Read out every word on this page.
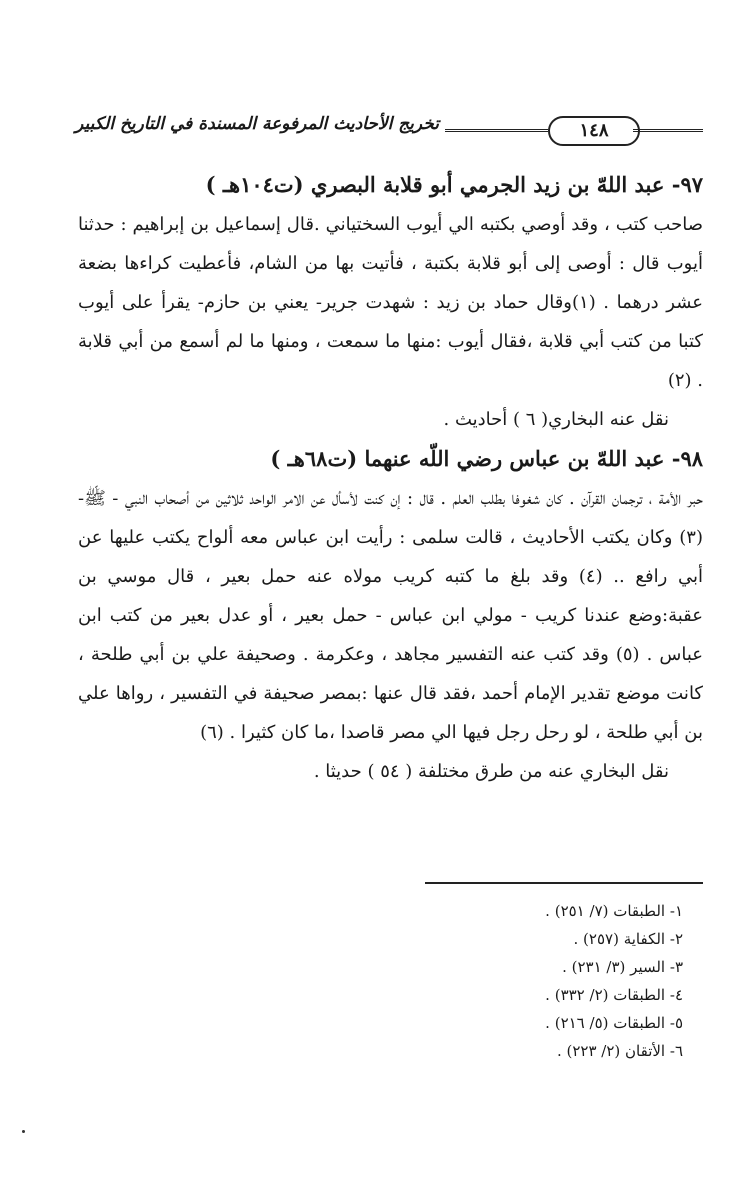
١٤٨
تخريج الأحاديث المرفوعة المسندة في التاريخ الكبير

٩٧- عبد اللهّ بن زيد الجرمي أبو قلابة البصري (ت١٠٤هـ )

صاحب كتب ، وقد أوصي بكتبه الي أيوب السختياني .قال إسماعيل بن إبراهيم : حدثنا أيوب قال : أوصى إلى أبو قلابة بكتبة ، فأتيت بها من الشام، فأعطيت كراءها بضعة عشر درهما . (١)وقال حماد بن زيد : شهدت جرير- يعني بن حازم- يقرأ على أيوب كتبا من كتب أبي قلابة ،فقال أيوب :منها ما سمعت ، ومنها ما لم أسمع من أبي قلابة . (٢)

نقل عنه البخاري( ٦ ) أحاديث .

٩٨- عبد اللهّ بن عباس رضي اللّه عنهما (ت٦٨هـ )

حبر الأمة ، ترجمان القرآن . كان شغوفا بطلب العلم . قال : إن كنت لأسأل عن الامر الواحد ثلاثين من أصحاب النبي - ﷺ- (٣) وكان يكتب الأحاديث ، قالت سلمى : رأيت ابن عباس معه ألواح يكتب عليها عن أبي رافع .. (٤) وقد بلغ ما كتبه كريب مولاه عنه حمل بعير ، قال موسي بن عقبة:وضع عندنا كريب - مولي ابن عباس - حمل بعير ، أو عدل بعير من كتب ابن عباس . (٥) وقد كتب عنه التفسير مجاهد ، وعكرمة . وصحيفة علي بن أبي طلحة ، كانت موضع تقدير الإمام أحمد ،فقد قال عنها :بمصر صحيفة في التفسير ، رواها علي بن أبي طلحة ، لو رحل رجل فيها الي مصر قاصدا ،ما كان كثيرا . (٦)

نقل البخاري عنه من طرق مختلفة ( ٥٤ ) حديثا .

١- الطبقات (٧/ ٢٥١) .
٢- الكفاية (٢٥٧) .
٣- السير (٣/ ٢٣١) .
٤- الطبقات (٢/ ٣٣٢) .
٥- الطبقات (٥/ ٢١٦) .
٦- الأتقان (٢/ ٢٢٣) .
